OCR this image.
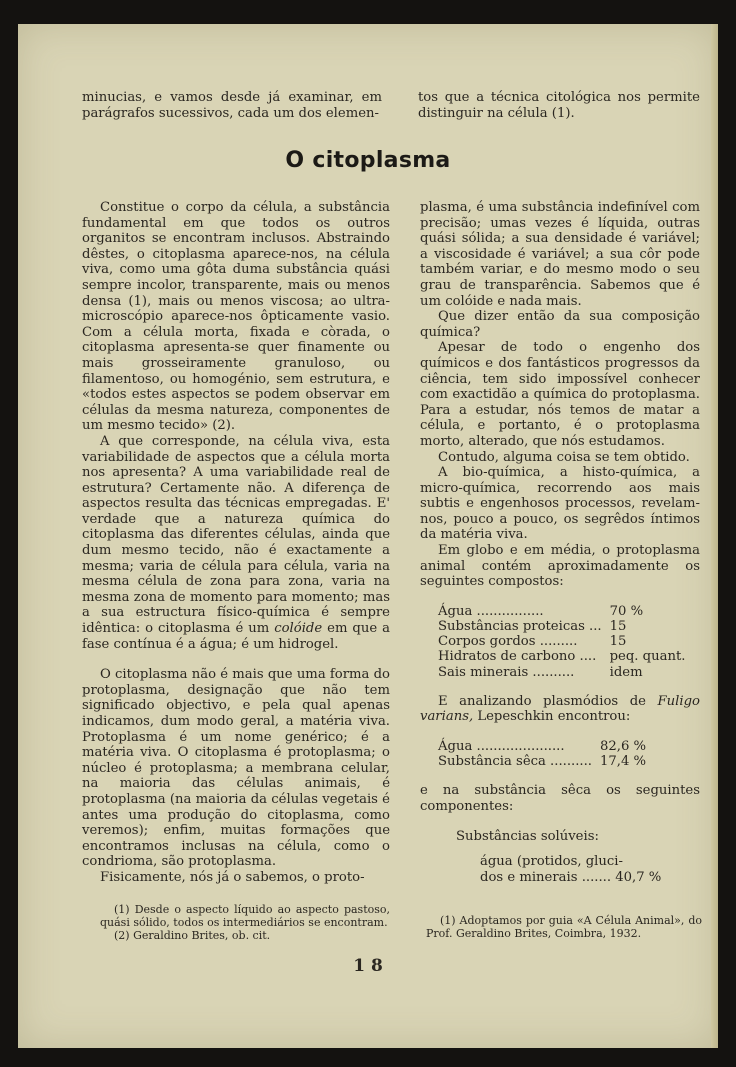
minucias, e vamos desde já examinar, em parágrafos sucessivos, cada um dos elemen-

tos que a técnica citológica nos permite distinguir na célula (1).

O citoplasma

Constitue o corpo da célula, a substância fundamental em que todos os outros organitos se encontram inclusos. Abstraindo dêstes, o citoplasma aparece-nos, na célula viva, como uma gôta duma substância quási sempre incolor, transparente, mais ou menos densa (1), mais ou menos viscosa; ao ultra-microscópio aparece-nos ôpticamente vasio. Com a célula morta, fixada e còrada, o citoplasma apresenta-se quer finamente ou mais grosseiramente granuloso, ou filamentoso, ou homogénio, sem estrutura, e «todos estes aspectos se podem observar em células da mesma natureza, componentes de um mesmo tecido» (2).

A que corresponde, na célula viva, esta variabilidade de aspectos que a célula morta nos apresenta? A uma variabilidade real de estrutura? Certamente não. A diferença de aspectos resulta das técnicas empregadas. E' verdade que a natureza química do citoplasma das diferentes células, ainda que dum mesmo tecido, não é exactamente a mesma; varia de célula para célula, varia na mesma célula de zona para zona, varia na mesma zona de momento para momento; mas a sua estructura físico-química é sempre idêntica: o citoplasma é um colóide em que a fase contínua é a água; é um hidrogel.

O citoplasma não é mais que uma forma do protoplasma, designação que não tem significado objectivo, e pela qual apenas indicamos, dum modo geral, a matéria viva. Protoplasma é um nome genérico; é a matéria viva. O citoplasma é protoplasma; o núcleo é protoplasma; a membrana celular, na maioria das células animais, é protoplasma (na maioria da células vegetais é antes uma produção do citoplasma, como veremos); enfim, muitas formações que encontramos inclusas na célula, como o condrioma, são protoplasma.

Fisicamente, nós já o sabemos, o proto-

plasma, é uma substância indefinível com precisão; umas vezes é líquida, outras quási sólida; a sua densidade é variável; a viscosidade é variável; a sua côr pode também variar, e do mesmo modo o seu grau de transparência. Sabemos que é um colóide e nada mais.

Que dizer então da sua composição química?

Apesar de todo o engenho dos químicos e dos fantásticos progressos da ciência, tem sido impossível conhecer com exactidão a química do protoplasma. Para a estudar, nós temos de matar a célula, e portanto, é o protoplasma morto, alterado, que nós estudamos.

Contudo, alguma coisa se tem obtido.

A bio-química, a histo-química, a micro-química, recorrendo aos mais subtis e engenhosos processos, revelam-nos, pouco a pouco, os segrêdos íntimos da matéria viva.

Em globo e em média, o protoplasma animal contém aproximadamente os seguintes compostos:

Água ................	70 %
Substâncias proteicas ...	15
Corpos gordos .........	15
Hidratos de carbono ....	peq. quant.
Sais minerais ..........	idem

E analizando plasmódios de Fuligo varians, Lepeschkin encontrou:

Água .....................	82,6 %
Substância sêca ..........	17,4 %

e na substância sêca os seguintes componentes:

Substâncias solúveis:
água (protidos, gluci-
dos e minerais ....... 40,7 %

(1) Desde o aspecto líquido ao aspecto pastoso, quási sólido, todos os intermediários se encontram.

(2) Geraldino Brites, ob. cit.

(1) Adoptamos por guia «A Célula Animal», do Prof. Geraldino Brites, Coimbra, 1932.

1 8
